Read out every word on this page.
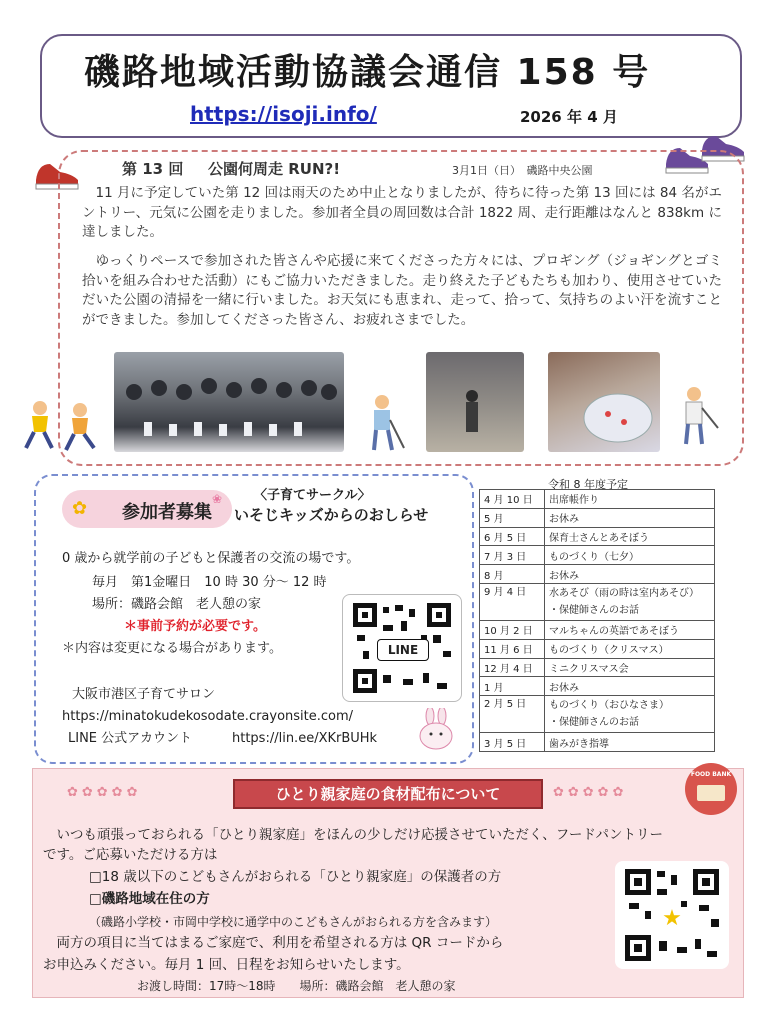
磯路地域活動協議会通信 158 号
https://isoji.info/	2026 年 4 月
第 13 回 公園何周走 RUN?!	3月1日（日）　磯路中央公園
　11 月に予定していた第 12 回は雨天のため中止となりましたが、待ちに待った第 13 回には 84 名がエントリー、元気に公園を走りました。参加者全員の周回数は合計 1822 周、走行距離はなんと 838km に達しました。
　ゆっくりペースで参加された皆さんや応援に来てくださった方々には、プロギング（ジョギングとゴミ拾いを組み合わせた活動）にもご協力いただきました。走り終えた子どもたちも加わり、使用させていただいた公園の清掃を一緒に行いました。お天気にも恵まれ、走って、拾って、気持ちのよい汗を流すことができました。参加してくださった皆さん、お疲れさまでした。
✿ 参加者募集
❀ 〈子育てサークル〉
いそじキッズからのおしらせ
0 歳から就学前の子どもと保護者の交流の場です。
毎月　第1金曜日　10 時 30 分～ 12 時
場所：磯路会館　老人憩の家
＊事前予約が必要です。
＊内容は変更になる場合があります。
大阪市港区子育てサロン
https://minatokudekosodate.crayonsite.com/
LINE 公式アカウント	https://lin.ee/XKrBUHk
LINE
令和 8 年度予定
4 月 10 日	出席帳作り
5 月	お休み
6 月 5 日	保育士さんとあそぼう
7 月 3 日	ものづくり（七夕）
8 月	お休み
9 月 4 日	水あそび（雨の時は室内あそび）
・保健師さんのお話

10 月 2 日	マルちゃんの英語であそぼう
11 月 6 日	ものづくり（クリスマス）
12 月 4 日	ミニクリスマス会
1 月	お休み
2 月 5 日	ものづくり（おひなさま）
・保健師さんのお話

3 月 5 日	歯みがき指導
✿✿✿✿✿	✿✿✿✿✿
ひとり親家庭の食材配布について
FOOD BANK
　いつも頑張っておられる「ひとり親家庭」をほんの少しだけ応援させていただく、フードパントリー
です。ご応募いただける方は
□18 歳以下のこどもさんがおられる「ひとり親家庭」の保護者の方
□磯路地域在住の方
（磯路小学校・市岡中学校に通学中のこどもさんがおられる方を含みます）
　両方の項目に当てはまるご家庭で、利用を希望される方は QR コードから
お申込みください。毎月 1 回、日程をお知らせいたします。
お渡し時間：17時～18時　　場所：磯路会館　老人憩の家
★
